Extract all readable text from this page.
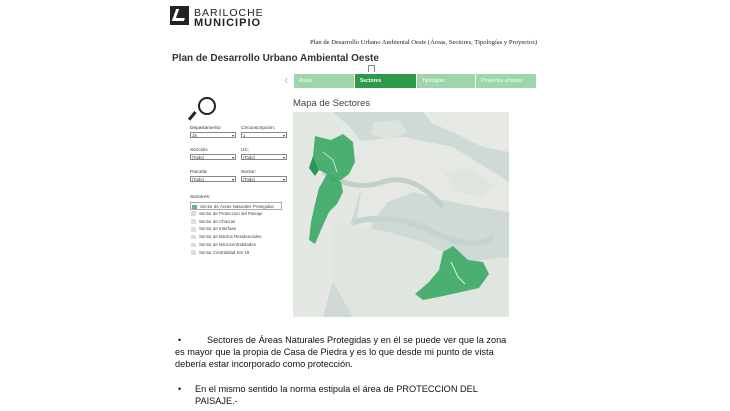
BARILOCHE
MUNICIPIO
Plan de Desarrollo Urbano Ambiental Oeste (Áreas, Sectores, Tipologías y Proyectos)
Plan de Desarrollo Urbano Ambiental Oeste
‹	Áreas	Sectores	Tipologías	Proyectos urbanos
Departamento:
19	▾
Circunscripción:
1	▾
Sección:
(Todo)	▾
UC:
(Todo)	▾
Parcela:
(Todo)	▾
Sector:
(Todo)	▾
Sectores:
Sector de Áreas Naturales Protegidas
Sector de Proteccion del Paisaje
Sector de Chacras
Sector de Interfase
Sector de Barrios Residenciales
Sector de Microcentralidades
Sector Centralidad Km 18
Mapa de Sectores
•	Sectores de Áreas Naturales Protegidas y en él se puede ver que la zona
es mayor que la propia de Casa de Piedra y es lo que desde mi punto de vista
debería estar incorporado como protección.
• En el mismo sentido la norma estipula el área de PROTECCION DEL
PAISAJE.-
